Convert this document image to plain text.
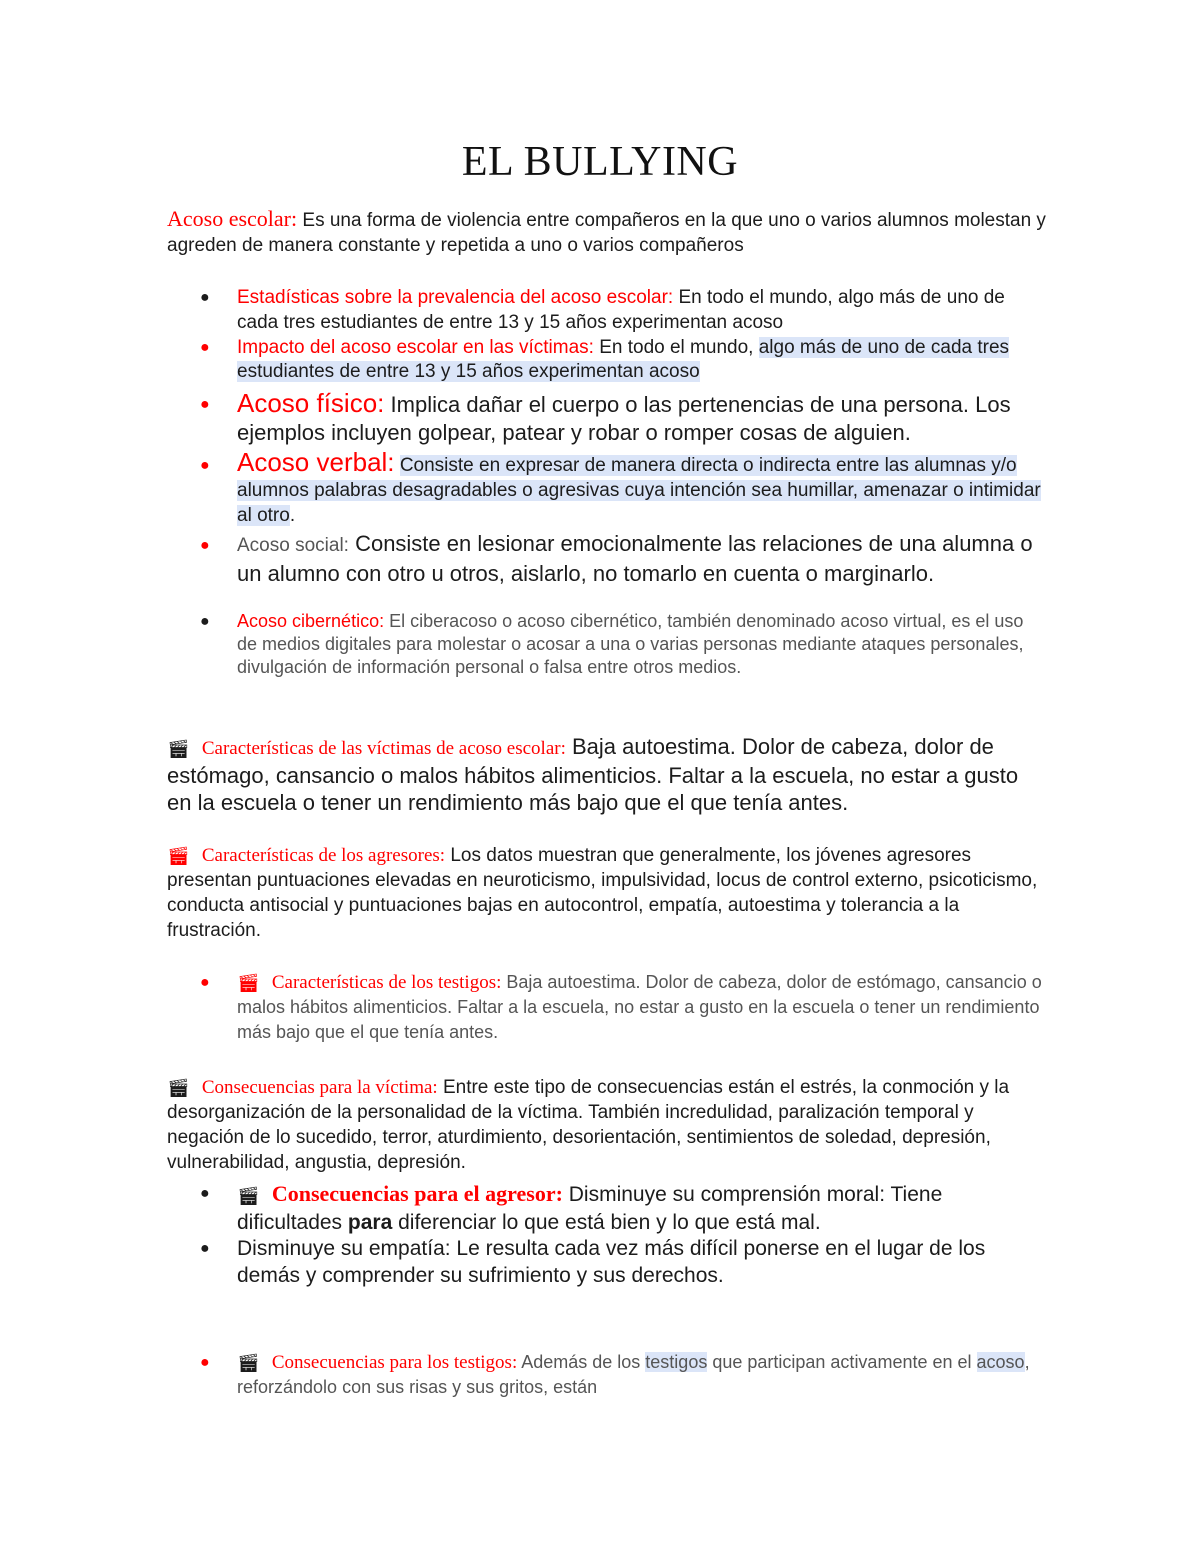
EL BULLYING
Acoso escolar: Es una forma de violencia entre compañeros en la que uno o varios alumnos molestan y agreden de manera constante y repetida a uno o varios compañeros
● Estadísticas sobre la prevalencia del acoso escolar: En todo el mundo, algo más de uno de cada tres estudiantes de entre 13 y 15 años experimentan acoso
● Impacto del acoso escolar en las víctimas: En todo el mundo, algo más de uno de cada tres estudiantes de entre 13 y 15 años experimentan acoso
● Acoso físico: Implica dañar el cuerpo o las pertenencias de una persona. Los ejemplos incluyen golpear, patear y robar o romper cosas de alguien.
● Acoso verbal: Consiste en expresar de manera directa o indirecta entre las alumnas y/o alumnos palabras desagradables o agresivas cuya intención sea humillar, amenazar o intimidar al otro.
● Acoso social: Consiste en lesionar emocionalmente las relaciones de una alumna o un alumno con otro u otros, aislarlo, no tomarlo en cuenta o marginarlo.
● Acoso cibernético: El ciberacoso o acoso cibernético, también denominado acoso virtual, es el uso de medios digitales para molestar o acosar a una o varias personas mediante ataques personales, divulgación de información personal o falsa entre otros medios.
🎬︎ Características de las víctimas de acoso escolar: Baja autoestima. Dolor de cabeza, dolor de estómago, cansancio o malos hábitos alimenticios. Faltar a la escuela, no estar a gusto en la escuela o tener un rendimiento más bajo que el que tenía antes.
🎬︎ Características de los agresores: Los datos muestran que generalmente, los jóvenes agresores presentan puntuaciones elevadas en neuroticismo, impulsividad, locus de control externo, psicoticismo, conducta antisocial y puntuaciones bajas en autocontrol, empatía, autoestima y tolerancia a la frustración.
● 🎬︎ Características de los testigos: Baja autoestima. Dolor de cabeza, dolor de estómago, cansancio o malos hábitos alimenticios. Faltar a la escuela, no estar a gusto en la escuela o tener un rendimiento más bajo que el que tenía antes.
🎬︎ Consecuencias para la víctima: Entre este tipo de consecuencias están el estrés, la conmoción y la desorganización de la personalidad de la víctima. También incredulidad, paralización temporal y negación de lo sucedido, terror, aturdimiento, desorientación, sentimientos de soledad, depresión, vulnerabilidad, angustia, depresión.
● 🎬︎ Consecuencias para el agresor: Disminuye su comprensión moral: Tiene dificultades para diferenciar lo que está bien y lo que está mal.
● Disminuye su empatía: Le resulta cada vez más difícil ponerse en el lugar de los demás y comprender su sufrimiento y sus derechos.
● 🎬︎ Consecuencias para los testigos: Además de los testigos que participan activamente en el acoso, reforzándolo con sus risas y sus gritos, están
